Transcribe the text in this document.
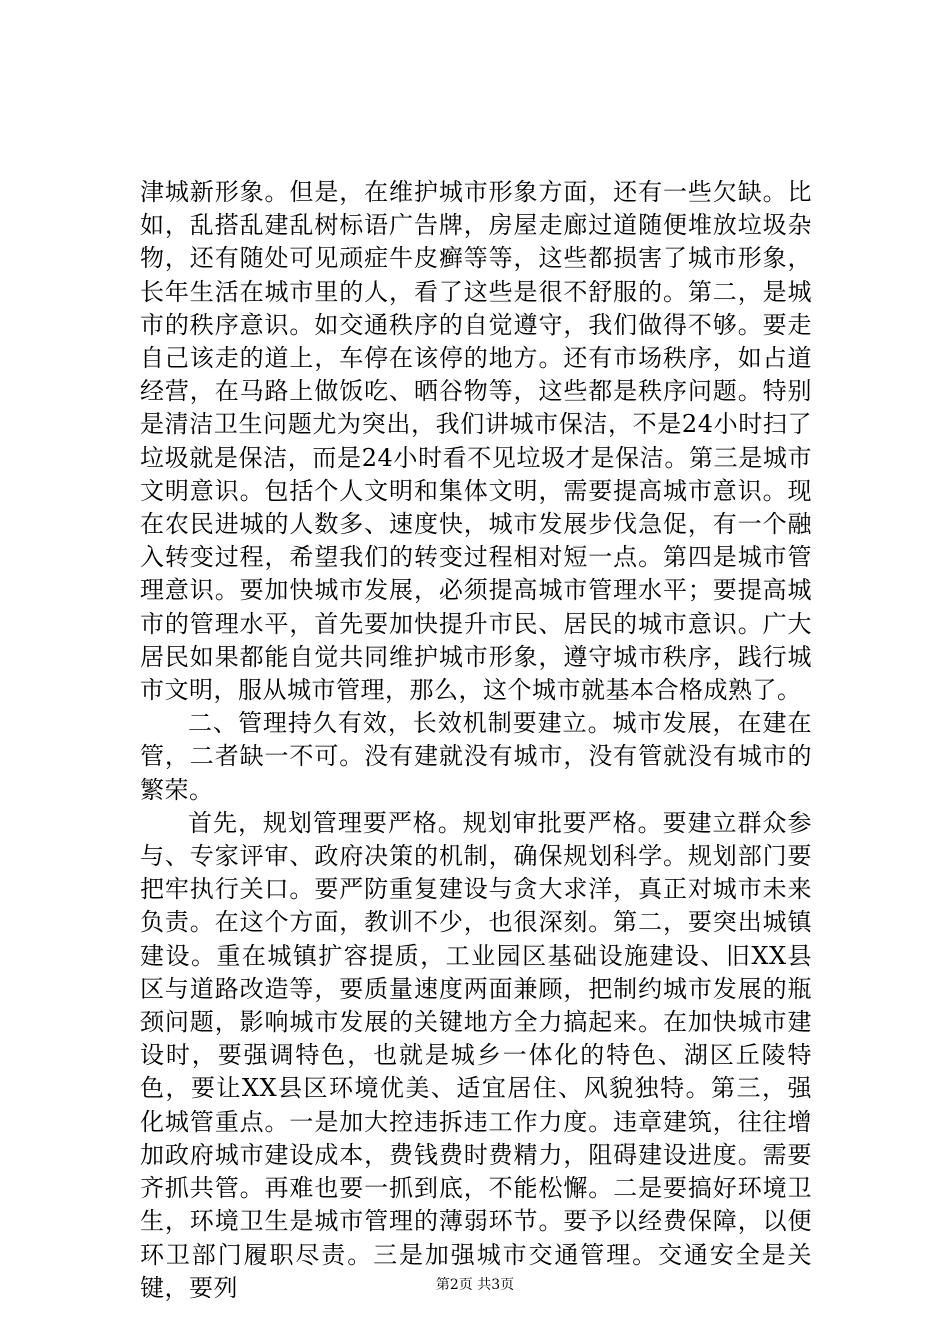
津城新形象。但是，在维护城市形象方面，还有一些欠缺。比如，乱搭乱建乱树标语广告牌，房屋走廊过道随便堆放垃圾杂物，还有随处可见顽症牛皮癣等等，这些都损害了城市形象，长年生活在城市里的人，看了这些是很不舒服的。第二，是城市的秩序意识。如交通秩序的自觉遵守，我们做得不够。要走自己该走的道上，车停在该停的地方。还有市场秩序，如占道经营，在马路上做饭吃、晒谷物等，这些都是秩序问题。特别是清洁卫生问题尤为突出，我们讲城市保洁，不是24小时扫了垃圾就是保洁，而是24小时看不见垃圾才是保洁。第三是城市文明意识。包括个人文明和集体文明，需要提高城市意识。现在农民进城的人数多、速度快，城市发展步伐急促，有一个融入转变过程，希望我们的转变过程相对短一点。第四是城市管理意识。要加快城市发展，必须提高城市管理水平；要提高城市的管理水平，首先要加快提升市民、居民的城市意识。广大居民如果都能自觉共同维护城市形象，遵守城市秩序，践行城市文明，服从城市管理，那么，这个城市就基本合格成熟了。

二、管理持久有效，长效机制要建立。城市发展，在建在管，二者缺一不可。没有建就没有城市，没有管就没有城市的繁荣。

首先，规划管理要严格。规划审批要严格。要建立群众参与、专家评审、政府决策的机制，确保规划科学。规划部门要把牢执行关口。要严防重复建设与贪大求洋，真正对城市未来负责。在这个方面，教训不少，也很深刻。第二，要突出城镇建设。重在城镇扩容提质，工业园区基础设施建设、旧XX县区与道路改造等，要质量速度两面兼顾，把制约城市发展的瓶颈问题，影响城市发展的关键地方全力搞起来。在加快城市建设时，要强调特色，也就是城乡一体化的特色、湖区丘陵特色，要让XX县区环境优美、适宜居住、风貌独特。第三，强化城管重点。一是加大控违拆违工作力度。违章建筑，往往增加政府城市建设成本，费钱费时费精力，阻碍建设进度。需要齐抓共管。再难也要一抓到底，不能松懈。二是要搞好环境卫生，环境卫生是城市管理的薄弱环节。要予以经费保障，以便环卫部门履职尽责。三是加强城市交通管理。交通安全是关键，要列	第2页 共3页
